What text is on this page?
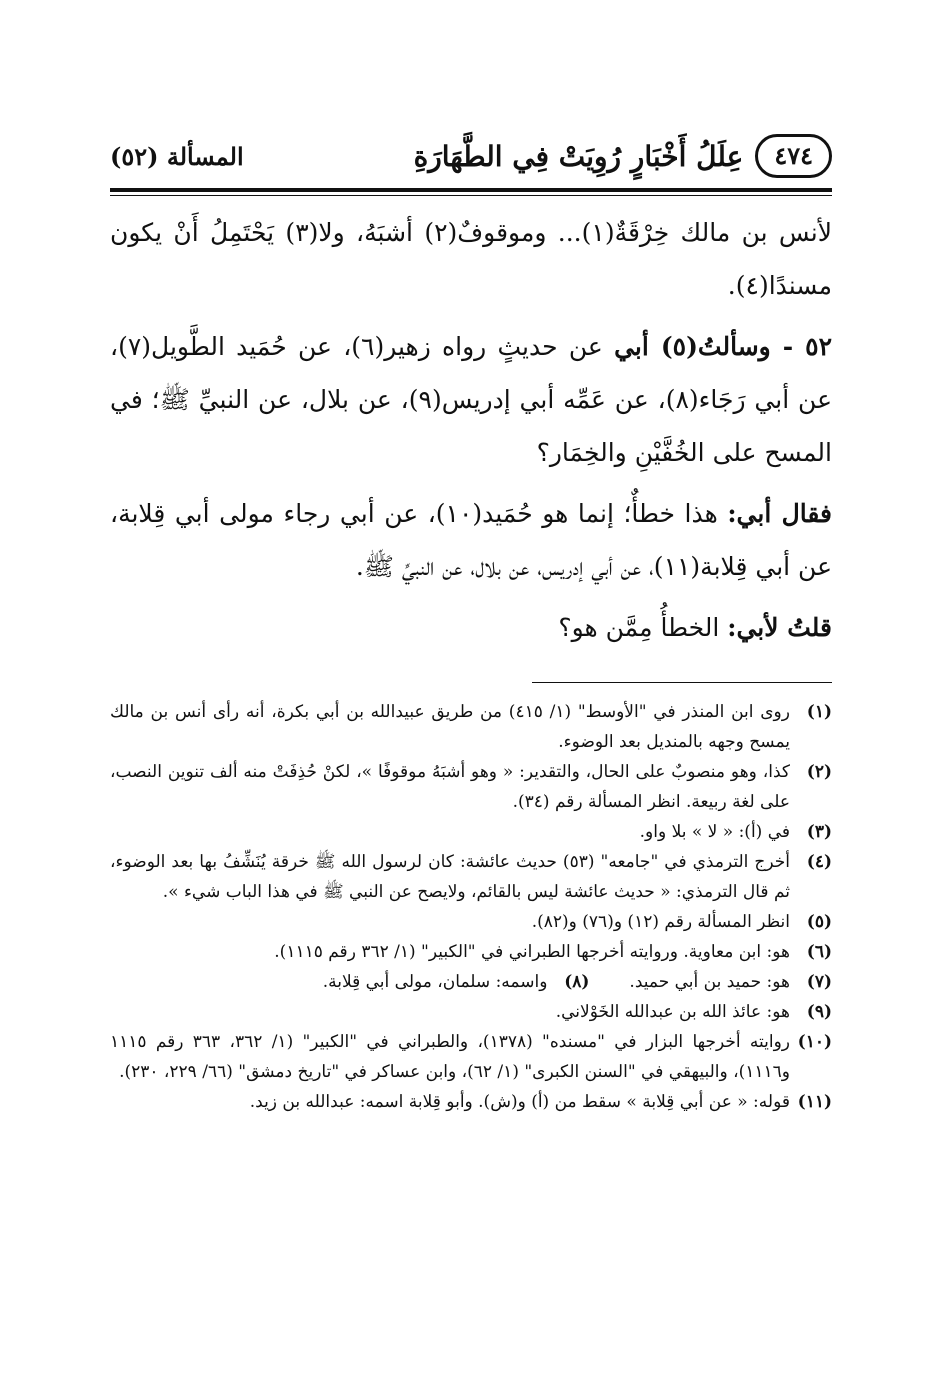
٤٧٤
عِلَلُ أَخْبَارٍ رُوِيَتْ فِي الطَّهَارَةِ
المسألة (٥٢)

لأنس بن مالك خِرْقَةٌ(١)... وموقوفٌ(٢) أشبَهُ، ولا(٣) يَحْتَمِلُ أَنْ يكون مسندًا(٤).

٥٢ - وسألتُ(٥) أبي عن حديثٍ رواه زهير(٦)، عن حُمَيد الطَّويل(٧)، عن أبي رَجَاء(٨)، عن عَمِّه أبي إدريس(٩)، عن بلال، عن النبيِّ ﷺ؛ في المسح على الخُفَّيْنِ والخِمَار؟

فقال أبي: هذا خطأٌ؛ إنما هو حُمَيد(١٠)، عن أبي رجاء مولى أبي قِلابة، عن أبي قِلابة(١١)، عن أبي إدريس، عن بلال، عن النبيِّ ﷺ.

قلتُ لأبي: الخطأُ مِمَّن هو؟

(١)
روى ابن المنذر في "الأوسط" (١/ ٤١٥) من طريق عبيدالله بن أبي بكرة، أنه رأى أنس بن مالك يمسح وجهه بالمنديل بعد الوضوء.
(٢)
كذا، وهو منصوبٌ على الحال، والتقدير: « وهو أشبَهُ موقوفًا »، لكنْ حُذِفَتْ منه ألف تنوين النصب، على لغة ربيعة. انظر المسألة رقم (٣٤).
(٣)
في (أ): « لا » بلا واو.
(٤)
أخرج الترمذي في "جامعه" (٥٣) حديث عائشة: كان لرسول الله ﷺ خرقة يُنَشِّفُ بها بعد الوضوء، ثم قال الترمذي: « حديث عائشة ليس بالقائم، ولايصح عن النبي ﷺ في هذا الباب شيء ».
(٥)
انظر المسألة رقم (١٢) و(٧٦) و(٨٢).
(٦)
هو: ابن معاوية. وروايته أخرجها الطبراني في "الكبير" (١/ ٣٦٢ رقم ١١١٥).
(٧)
هو: حميد بن أبي حميد.
(٨)
واسمه: سلمان، مولى أبي قِلابة.
(٩)
هو: عائذ الله بن عبدالله الخَوْلاني.
(١٠)
روايته أخرجها البزار في "مسنده" (١٣٧٨)، والطبراني في "الكبير" (١/ ٣٦٢، ٣٦٣ رقم ١١١٥ و١١١٦)، والبيهقي في "السنن الكبرى" (١/ ٦٢)، وابن عساكر في "تاريخ دمشق" (٦٦/ ٢٢٩، ٢٣٠).
(١١)
قوله: « عن أبي قِلابة » سقط من (أ) و(ش). وأبو قِلابة اسمه: عبدالله بن زيد.
